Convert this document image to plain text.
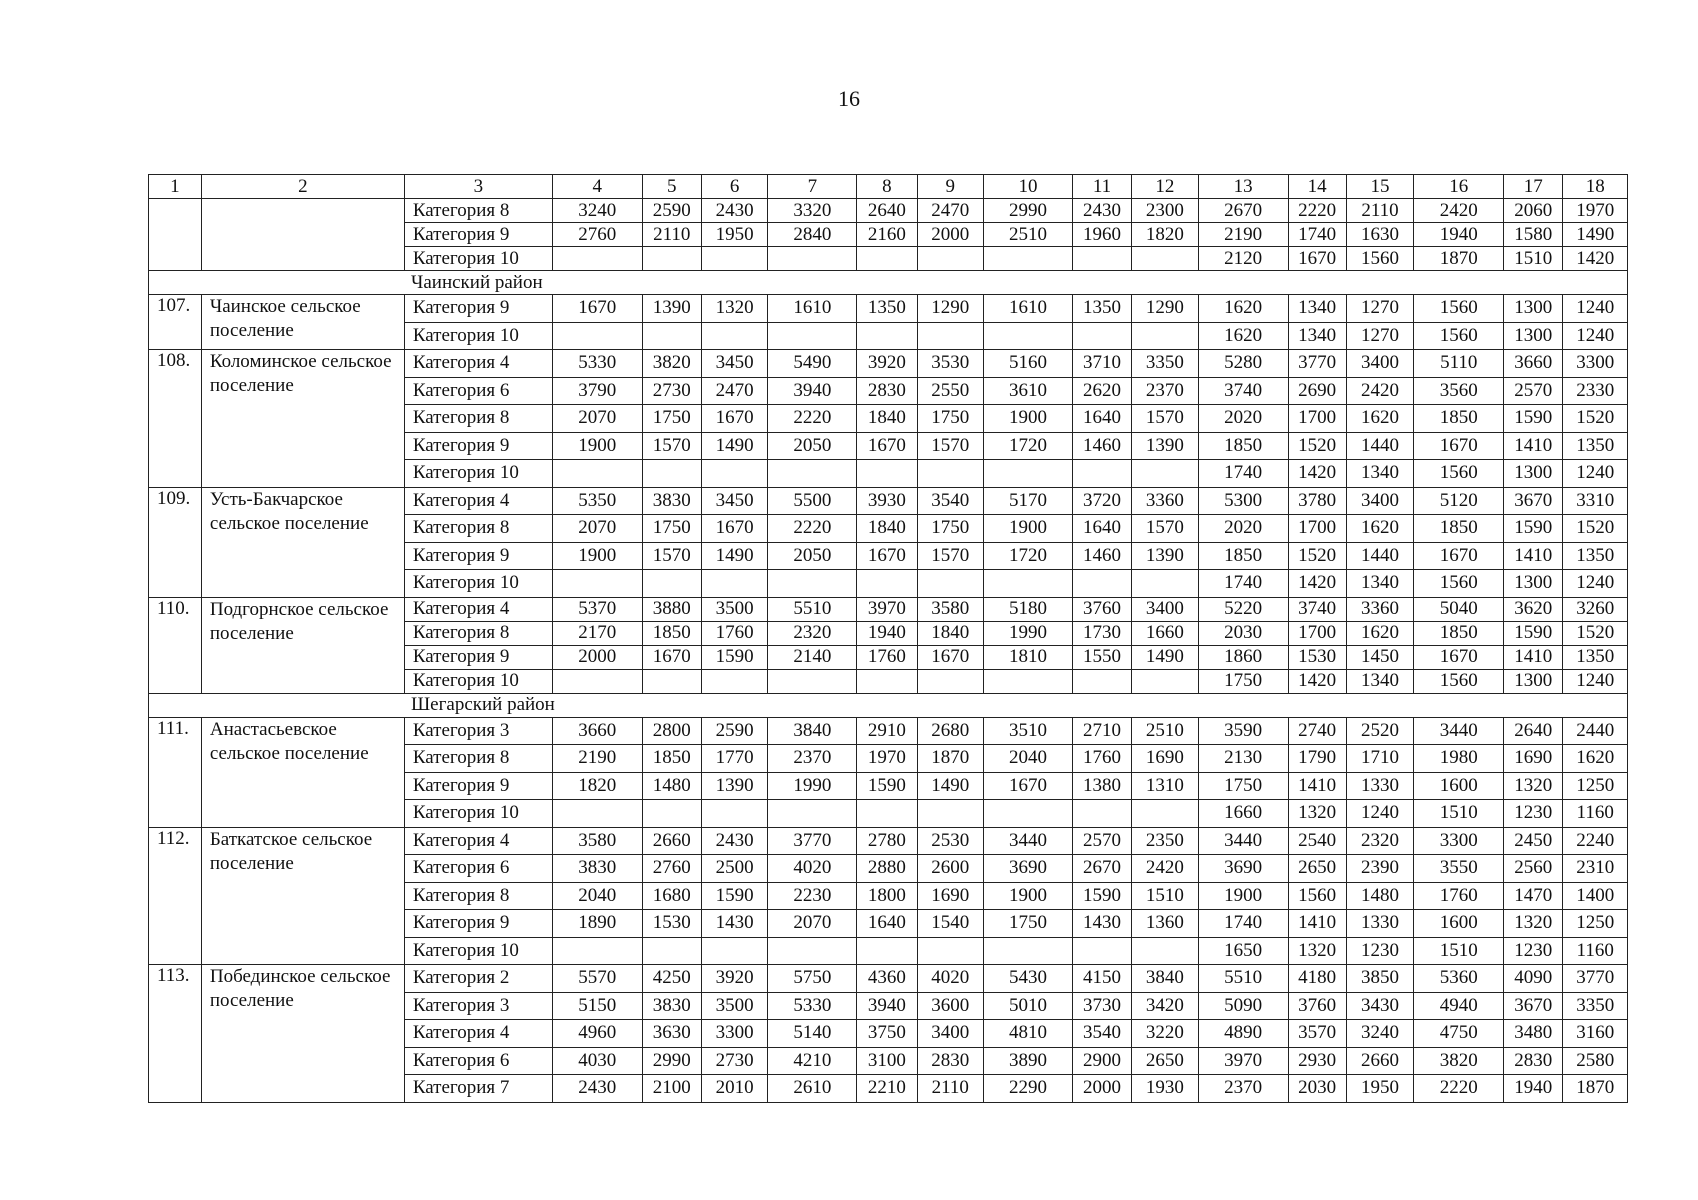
16
1	2	3	4	5	6	7	8	9	10	11	12	13	14	15	16	17	18
		Категория 8	3240	2590	2430	3320	2640	2470	2990	2430	2300	2670	2220	2110	2420	2060	1970
		Категория 9	2760	2110	1950	2840	2160	2000	2510	1960	1820	2190	1740	1630	1940	1580	1490
		Категория 10										2120	1670	1560	1870	1510	1420
Чаинский район																	
107.	Чаинское сельское поселение	Категория 9	1670	1390	1320	1610	1350	1290	1610	1350	1290	1620	1340	1270	1560	1300	1240
		Категория 10										1620	1340	1270	1560	1300	1240
108.	Коломинское сельское поселение	Категория 4	5330	3820	3450	5490	3920	3530	5160	3710	3350	5280	3770	3400	5110	3660	3300
		Категория 6	3790	2730	2470	3940	2830	2550	3610	2620	2370	3740	2690	2420	3560	2570	2330
		Категория 8	2070	1750	1670	2220	1840	1750	1900	1640	1570	2020	1700	1620	1850	1590	1520
		Категория 9	1900	1570	1490	2050	1670	1570	1720	1460	1390	1850	1520	1440	1670	1410	1350
		Категория 10										1740	1420	1340	1560	1300	1240
109.	Усть-Бакчарское сельское поселение	Категория 4	5350	3830	3450	5500	3930	3540	5170	3720	3360	5300	3780	3400	5120	3670	3310
		Категория 8	2070	1750	1670	2220	1840	1750	1900	1640	1570	2020	1700	1620	1850	1590	1520
		Категория 9	1900	1570	1490	2050	1670	1570	1720	1460	1390	1850	1520	1440	1670	1410	1350
		Категория 10										1740	1420	1340	1560	1300	1240
110.	Подгорнское сельское поселение	Категория 4	5370	3880	3500	5510	3970	3580	5180	3760	3400	5220	3740	3360	5040	3620	3260
		Категория 8	2170	1850	1760	2320	1940	1840	1990	1730	1660	2030	1700	1620	1850	1590	1520
		Категория 9	2000	1670	1590	2140	1760	1670	1810	1550	1490	1860	1530	1450	1670	1410	1350
		Категория 10										1750	1420	1340	1560	1300	1240
Шегарский район																	
111.	Анастасьевское сельское поселение	Категория 3	3660	2800	2590	3840	2910	2680	3510	2710	2510	3590	2740	2520	3440	2640	2440
		Категория 8	2190	1850	1770	2370	1970	1870	2040	1760	1690	2130	1790	1710	1980	1690	1620
		Категория 9	1820	1480	1390	1990	1590	1490	1670	1380	1310	1750	1410	1330	1600	1320	1250
		Категория 10										1660	1320	1240	1510	1230	1160
112.	Баткатское сельское поселение	Категория 4	3580	2660	2430	3770	2780	2530	3440	2570	2350	3440	2540	2320	3300	2450	2240
		Категория 6	3830	2760	2500	4020	2880	2600	3690	2670	2420	3690	2650	2390	3550	2560	2310
		Категория 8	2040	1680	1590	2230	1800	1690	1900	1590	1510	1900	1560	1480	1760	1470	1400
		Категория 9	1890	1530	1430	2070	1640	1540	1750	1430	1360	1740	1410	1330	1600	1320	1250
		Категория 10										1650	1320	1230	1510	1230	1160
113.	Побединское сельское поселение	Категория 2	5570	4250	3920	5750	4360	4020	5430	4150	3840	5510	4180	3850	5360	4090	3770
		Категория 3	5150	3830	3500	5330	3940	3600	5010	3730	3420	5090	3760	3430	4940	3670	3350
		Категория 4	4960	3630	3300	5140	3750	3400	4810	3540	3220	4890	3570	3240	4750	3480	3160
		Категория 6	4030	2990	2730	4210	3100	2830	3890	2900	2650	3970	2930	2660	3820	2830	2580
		Категория 7	2430	2100	2010	2610	2210	2110	2290	2000	1930	2370	2030	1950	2220	1940	1870
